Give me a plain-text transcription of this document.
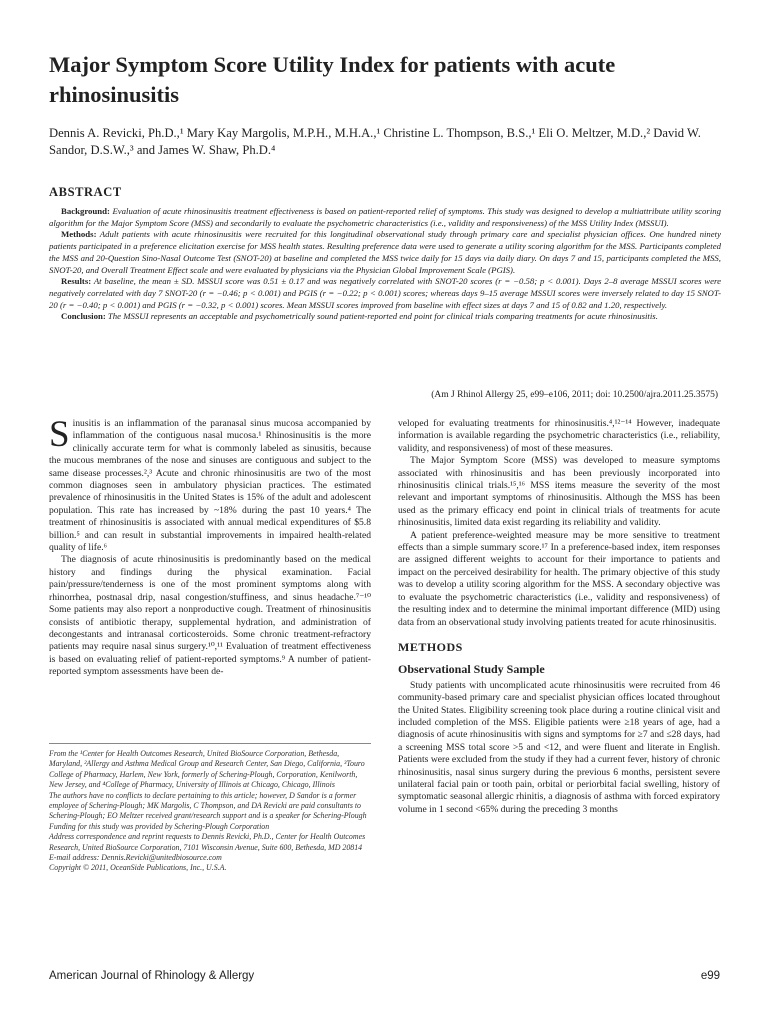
Major Symptom Score Utility Index for patients with acute rhinosinusitis
Dennis A. Revicki, Ph.D.,¹ Mary Kay Margolis, M.P.H., M.H.A.,¹ Christine L. Thompson, B.S.,¹ Eli O. Meltzer, M.D.,² David W. Sandor, D.S.W.,³ and James W. Shaw, Ph.D.⁴
ABSTRACT

Background: Evaluation of acute rhinosinusitis treatment effectiveness is based on patient-reported relief of symptoms. This study was designed to develop a multiattribute utility scoring algorithm for the Major Symptom Score (MSS) and secondarily to evaluate the psychometric characteristics (i.e., validity and responsiveness) of the MSS Utility Index (MSSUI).

Methods: Adult patients with acute rhinosinusitis were recruited for this longitudinal observational study through primary care and specialist physician offices. One hundred ninety patients participated in a preference elicitation exercise for MSS health states. Resulting preference data were used to generate a utility scoring algorithm for the MSS. Participants completed the MSS and 20-Question Sino-Nasal Outcome Test (SNOT-20) at baseline and completed the MSS twice daily for 15 days via daily diary. On days 7 and 15, participants completed the MSS, SNOT-20, and Overall Treatment Effect scale and were evaluated by physicians via the Physician Global Improvement Scale (PGIS).

Results: At baseline, the mean ± SD. MSSUI score was 0.51 ± 0.17 and was negatively correlated with SNOT-20 scores (r = −0.58; p < 0.001). Days 2–8 average MSSUI scores were negatively correlated with day 7 SNOT-20 (r = −0.46; p < 0.001) and PGIS (r = −0.22; p < 0.001) scores; whereas days 9–15 average MSSUI scores were inversely related to day 15 SNOT-20 (r = −0.40; p < 0.001) and PGIS (r = −0.32, p < 0.001) scores. Mean MSSUI scores improved from baseline with effect sizes at days 7 and 15 of 0.82 and 1.20, respectively.

Conclusion: The MSSUI represents an acceptable and psychometrically sound patient-reported end point for clinical trials comparing treatments for acute rhinosinusitis.

(Am J Rhinol Allergy 25, e99–e106, 2011; doi: 10.2500/ajra.2011.25.3575)

Sinusitis is an inflammation of the paranasal sinus mucosa accompanied by inflammation of the contiguous nasal mucosa.¹ Rhinosinusitis is the more clinically accurate term for what is commonly labeled as sinusitis, because the mucous membranes of the nose and sinuses are contiguous and subject to the same disease processes.²,³ Acute and chronic rhinosinusitis are two of the most common diagnoses seen in ambulatory physician practices. The estimated prevalence of rhinosinusitis in the United States is 15% of the adult and adolescent population. This rate has increased by ~18% during the past 10 years.⁴ The treatment of rhinosinusitis is associated with annual medical expenditures of $5.8 billion.⁵ and can result in substantial improvements in impaired health-related quality of life.⁶

The diagnosis of acute rhinosinusitis is predominantly based on the medical history and findings during the physical examination. Facial pain/pressure/tenderness is one of the most prominent symptoms along with rhinorrhea, postnasal drip, nasal congestion/stuffiness, and sinus headache.⁷⁻¹⁰ Some patients may also report a nonproductive cough. Treatment of rhinosinusitis consists of antibiotic therapy, supplemental hydration, and administration of decongestants and intranasal corticosteroids. Some chronic treatment-refractory patients may require nasal sinus surgery.¹⁰,¹¹ Evaluation of treatment effectiveness is based on evaluating relief of patient-reported symptoms.⁹ A number of patient-reported symptom assessments have been de-

From the ¹Center for Health Outcomes Research, United BioSource Corporation, Bethesda, Maryland, ²Allergy and Asthma Medical Group and Research Center, San Diego, California, ³Touro College of Pharmacy, Harlem, New York, formerly of Schering-Plough, Corporation, Kenilworth, New Jersey, and ⁴College of Pharmacy, University of Illinois at Chicago, Chicago, Illinois
The authors have no conflicts to declare pertaining to this article; however, D Sandor is a former employee of Schering-Plough; MK Margolis, C Thompson, and DA Revicki are paid consultants to Schering-Plough; EO Meltzer received grant/research support and is a speaker for Schering-Plough
Funding for this study was provided by Schering-Plough Corporation
Address correspondence and reprint requests to Dennis Revicki, Ph.D., Center for Health Outcomes Research, United BioSource Corporation, 7101 Wisconsin Avenue, Suite 600, Bethesda, MD 20814
E-mail address: Dennis.Revicki@unitedbiosource.com
Copyright © 2011, OceanSide Publications, Inc., U.S.A.

veloped for evaluating treatments for rhinosinusitis.⁴,¹²⁻¹⁴ However, inadequate information is available regarding the psychometric characteristics (i.e., reliability, validity, and responsiveness) of most of these measures.

The Major Symptom Score (MSS) was developed to measure symptoms associated with rhinosinusitis and has been previously incorporated into rhinosinusitis clinical trials.¹⁵,¹⁶ MSS items measure the severity of the most relevant and important symptoms of rhinosinusitis. Although the MSS has been used as the primary efficacy end point in clinical trials of treatments for acute rhinosinusitis, limited data exist regarding its reliability and validity.

A patient preference-weighted measure may be more sensitive to treatment effects than a simple summary score.¹⁷ In a preference-based index, item responses are assigned different weights to account for their importance to patients and impact on the perceived desirability for health. The primary objective of this study was to develop a utility scoring algorithm for the MSS. A secondary objective was to evaluate the psychometric characteristics (i.e., validity and responsiveness) of the resulting index and to determine the minimal important difference (MID) using data from an observational study involving patients treated for acute rhinosinusitis.

METHODS
Observational Study Sample

Study patients with uncomplicated acute rhinosinusitis were recruited from 46 community-based primary care and specialist physician offices located throughout the United States. Eligibility screening took place during a routine clinical visit and included completion of the MSS. Eligible patients were ≥18 years of age, had a diagnosis of acute rhinosinusitis with signs and symptoms for ≥7 and ≤28 days, had a screening MSS total score >5 and <12, and were fluent and literate in English. Patients were excluded from the study if they had a current fever, history of chronic rhinosinusitis, nasal sinus surgery during the previous 6 months, persistent severe unilateral facial pain or tooth pain, orbital or periorbital facial swelling, history of symptomatic seasonal allergic rhinitis, a diagnosis of asthma with forced expiratory volume in 1 second <65% during the preceding 3 months

American Journal of Rhinology & Allergy	e99
